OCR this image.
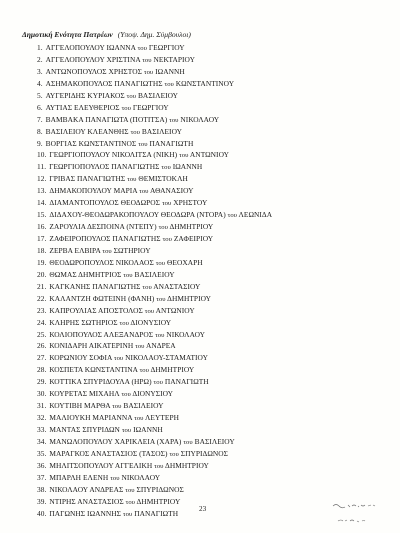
Δημοτική Ενότητα Πατρέων (Υποψ. Δημ. Σύμβουλοι)
1. ΑΓΓΕΛΟΠΟΥΛΟΥ ΙΩΑΝΝΑ του ΓΕΩΡΓΙΟΥ
2. ΑΓΓΕΛΟΠΟΥΛΟΥ ΧΡΙΣΤΙΝΑ του ΝΕΚΤΑΡΙΟΥ
3. ΑΝΤΩΝΟΠΟΥΛΟΣ ΧΡΗΣΤΟΣ του ΙΩΑΝΝΗ
4. ΑΣΗΜΑΚΟΠΟΥΛΟΣ ΠΑΝΑΓΙΩΤΗΣ του ΚΩΝΣΤΑΝΤΙΝΟΥ
5. ΑΥΓΕΡΙΔΗΣ ΚΥΡΙΑΚΟΣ του ΒΑΣΙΛΕΙΟΥ
6. ΑΥΤΙΑΣ ΕΛΕΥΘΕΡΙΟΣ του ΓΕΩΡΓΙΟΥ
7. ΒΑΜΒΑΚΑ ΠΑΝΑΓΙΩΤΑ (ΠΟΤΙΤΣΑ) του ΝΙΚΟΛΑΟΥ
8. ΒΑΣΙΛΕΙΟΥ ΚΛΕΑΝΘΗΣ του ΒΑΣΙΛΕΙΟΥ
9. ΒΟΡΓΙΑΣ ΚΩΝΣΤΑΝΤΙΝΟΣ του ΠΑΝΑΓΙΩΤΗ
10. ΓΕΩΡΓΙΟΠΟΥΛΟΥ ΝΙΚΟΛΙΤΣΑ (ΝΙΚΗ) του ΑΝΤΩΝΙΟΥ
11. ΓΕΩΡΓΙΟΠΟΥΛΟΣ ΠΑΝΑΓΙΩΤΗΣ του ΙΩΑΝΝΗ
12. ΓΡΙΒΑΣ ΠΑΝΑΓΙΩΤΗΣ του ΘΕΜΙΣΤΟΚΛΗ
13. ΔΗΜΑΚΟΠΟΥΛΟΥ ΜΑΡΙΑ του ΑΘΑΝΑΣΙΟΥ
14. ΔΙΑΜΑΝΤΟΠΟΥΛΟΣ ΘΕΟΔΩΡΟΣ του ΧΡΗΣΤΟΥ
15. ΔΙΔΑΧΟΥ-ΘΕΟΔΩΡΑΚΟΠΟΥΛΟΥ ΘΕΟΔΩΡΑ (ΝΤΟΡΑ) του ΛΕΩΝΙΔΑ
16. ΖΑΡΟΥΛΙΑ ΔΕΣΠΟΙΝΑ (ΝΤΕΠΥ) του ΔΗΜΗΤΡΙΟΥ
17. ΖΑΦΕΙΡΟΠΟΥΛΟΣ ΠΑΝΑΓΙΩΤΗΣ του ΖΑΦΕΙΡΙΟΥ
18. ΖΕΡΒΑ ΕΛΒΙΡΑ του ΣΩΤΗΡΙΟΥ
19. ΘΕΟΔΩΡΟΠΟΥΛΟΣ ΝΙΚΟΛΑΟΣ του ΘΕΟΧΑΡΗ
20. ΘΩΜΑΣ ΔΗΜΗΤΡΙΟΣ του ΒΑΣΙΛΕΙΟΥ
21. ΚΑΓΚΑΝΗΣ ΠΑΝΑΓΙΩΤΗΣ του ΑΝΑΣΤΑΣΙΟΥ
22. ΚΑΛΑΝΤΖΗ ΦΩΤΕΙΝΗ (ΦΑΝΗ) του ΔΗΜΗΤΡΙΟΥ
23. ΚΑΠΡΟΥΛΙΑΣ ΑΠΟΣΤΟΛΟΣ του ΑΝΤΩΝΙΟΥ
24. ΚΛΗΡΗΣ ΣΩΤΗΡΙΟΣ του ΔΙΟΝΥΣΙΟΥ
25. ΚΟΛΙΟΠΟΥΛΟΣ ΑΛΕΞΑΝΔΡΟΣ του ΝΙΚΟΛΑΟΥ
26. ΚΟΝΙΔΑΡΗ ΑΙΚΑΤΕΡΙΝΗ του ΑΝΔΡΕΑ
27. ΚΟΡΩΝΙΟΥ ΣΟΦΙΑ του ΝΙΚΟΛΑΟΥ-ΣΤΑΜΑΤΙΟΥ
28. ΚΟΣΠΕΤΑ ΚΩΝΣΤΑΝΤΙΝΑ του ΔΗΜΗΤΡΙΟΥ
29. ΚΟΤΤΙΚΑ ΣΠΥΡΙΔΟΥΛΑ (ΗΡΩ) του ΠΑΝΑΓΙΩΤΗ
30. ΚΟΥΡΕΤΑΣ ΜΙΧΑΗΛ του ΔΙΟΝΥΣΙΟΥ
31. ΚΟΥΤΙΒΗ ΜΑΡΘΑ του ΒΑΣΙΛΕΙΟΥ
32. ΜΑΛΙΟΥΚΗ ΜΑΡΙΑΝΝΑ του ΛΕΥΤΕΡΗ
33. ΜΑΝΤΑΣ ΣΠΥΡΙΔΩΝ του ΙΩΑΝΝΗ
34. ΜΑΝΩΛΟΠΟΥΛΟΥ ΧΑΡΙΚΛΕΙΑ (ΧΑΡΑ) του ΒΑΣΙΛΕΙΟΥ
35. ΜΑΡΑΓΚΟΣ ΑΝΑΣΤΑΣΙΟΣ (ΤΑΣΟΣ) του ΣΠΥΡΙΔΩΝΟΣ
36. ΜΗΛΙΤΣΟΠΟΥΛΟΥ ΑΓΓΕΛΙΚΗ του ΔΗΜΗΤΡΙΟΥ
37. ΜΠΑΡΛΗ ΕΛΕΝΗ του ΝΙΚΟΛΑΟΥ
38. ΝΙΚΟΛΑΟΥ ΑΝΔΡΕΑΣ του ΣΠΥΡΙΔΩΝΟΣ
39. ΝΤΙΡΗΣ ΑΝΑΣΤΑΣΙΟΣ του ΔΗΜΗΤΡΙΟΥ
40. ΠΑΓΩΝΗΣ ΙΩΑΝΝΗΣ του ΠΑΝΑΓΙΩΤΗ	23
